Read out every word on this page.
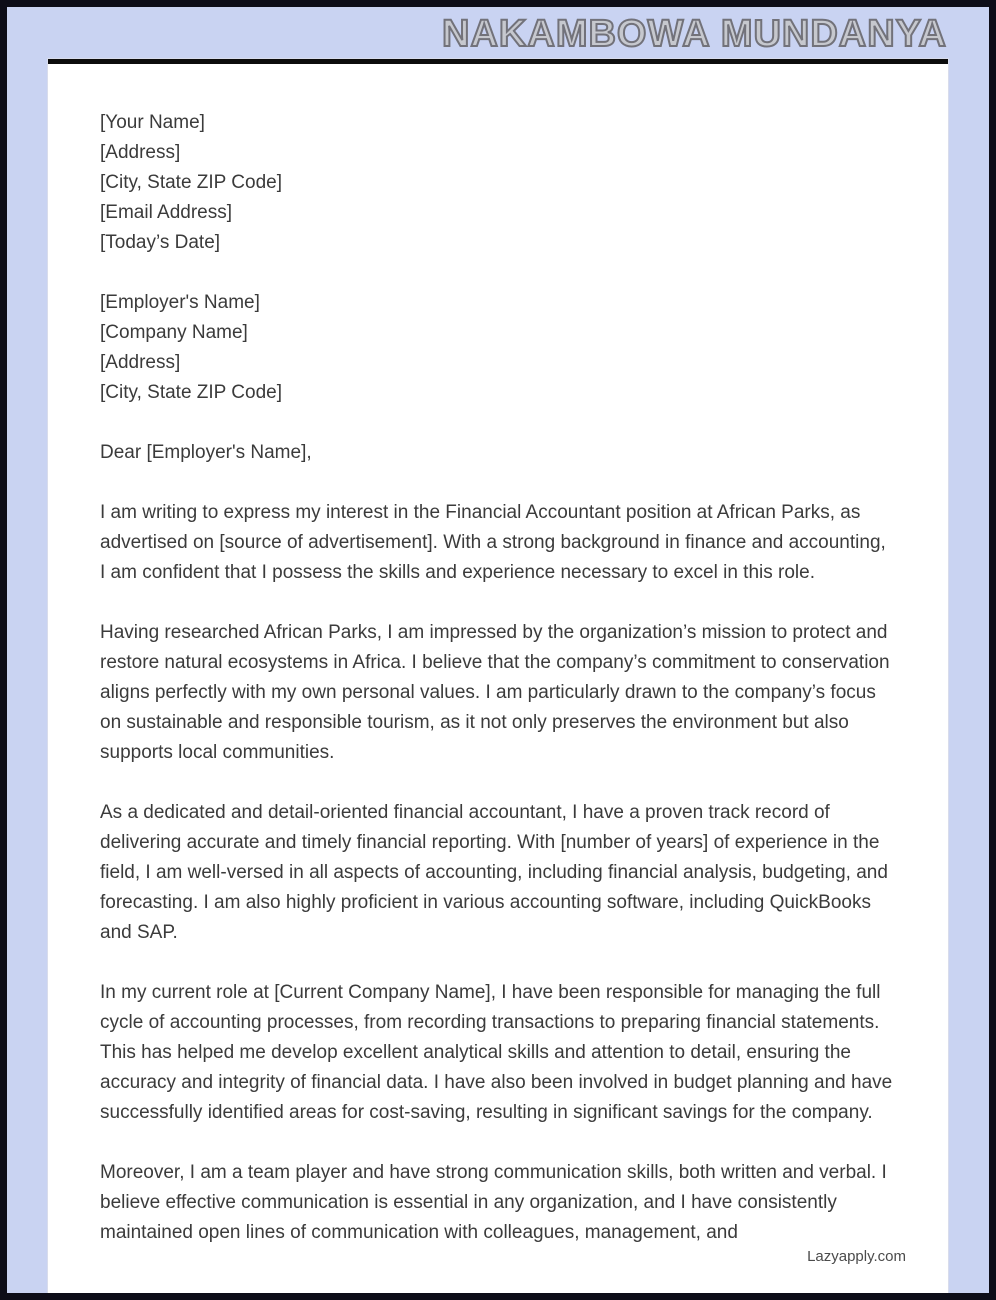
NAKAMBOWA MUNDANYA
[Your Name]
[Address]
[City, State ZIP Code]
[Email Address]
[Today’s Date]
[Employer's Name]
[Company Name]
[Address]
[City, State ZIP Code]
Dear [Employer's Name],

I am writing to express my interest in the Financial Accountant position at African Parks, as advertised on [source of advertisement]. With a strong background in finance and accounting, I am confident that I possess the skills and experience necessary to excel in this role.

Having researched African Parks, I am impressed by the organization’s mission to protect and restore natural ecosystems in Africa. I believe that the company’s commitment to conservation aligns perfectly with my own personal values. I am particularly drawn to the company’s focus on sustainable and responsible tourism, as it not only preserves the environment but also supports local communities.

As a dedicated and detail-oriented financial accountant, I have a proven track record of delivering accurate and timely financial reporting. With [number of years] of experience in the field, I am well-versed in all aspects of accounting, including financial analysis, budgeting, and forecasting. I am also highly proficient in various accounting software, including QuickBooks and SAP.

In my current role at [Current Company Name], I have been responsible for managing the full cycle of accounting processes, from recording transactions to preparing financial statements. This has helped me develop excellent analytical skills and attention to detail, ensuring the accuracy and integrity of financial data. I have also been involved in budget planning and have successfully identified areas for cost-saving, resulting in significant savings for the company.

Moreover, I am a team player and have strong communication skills, both written and verbal. I believe effective communication is essential in any organization, and I have consistently maintained open lines of communication with colleagues, management, and

Lazyapply.com
